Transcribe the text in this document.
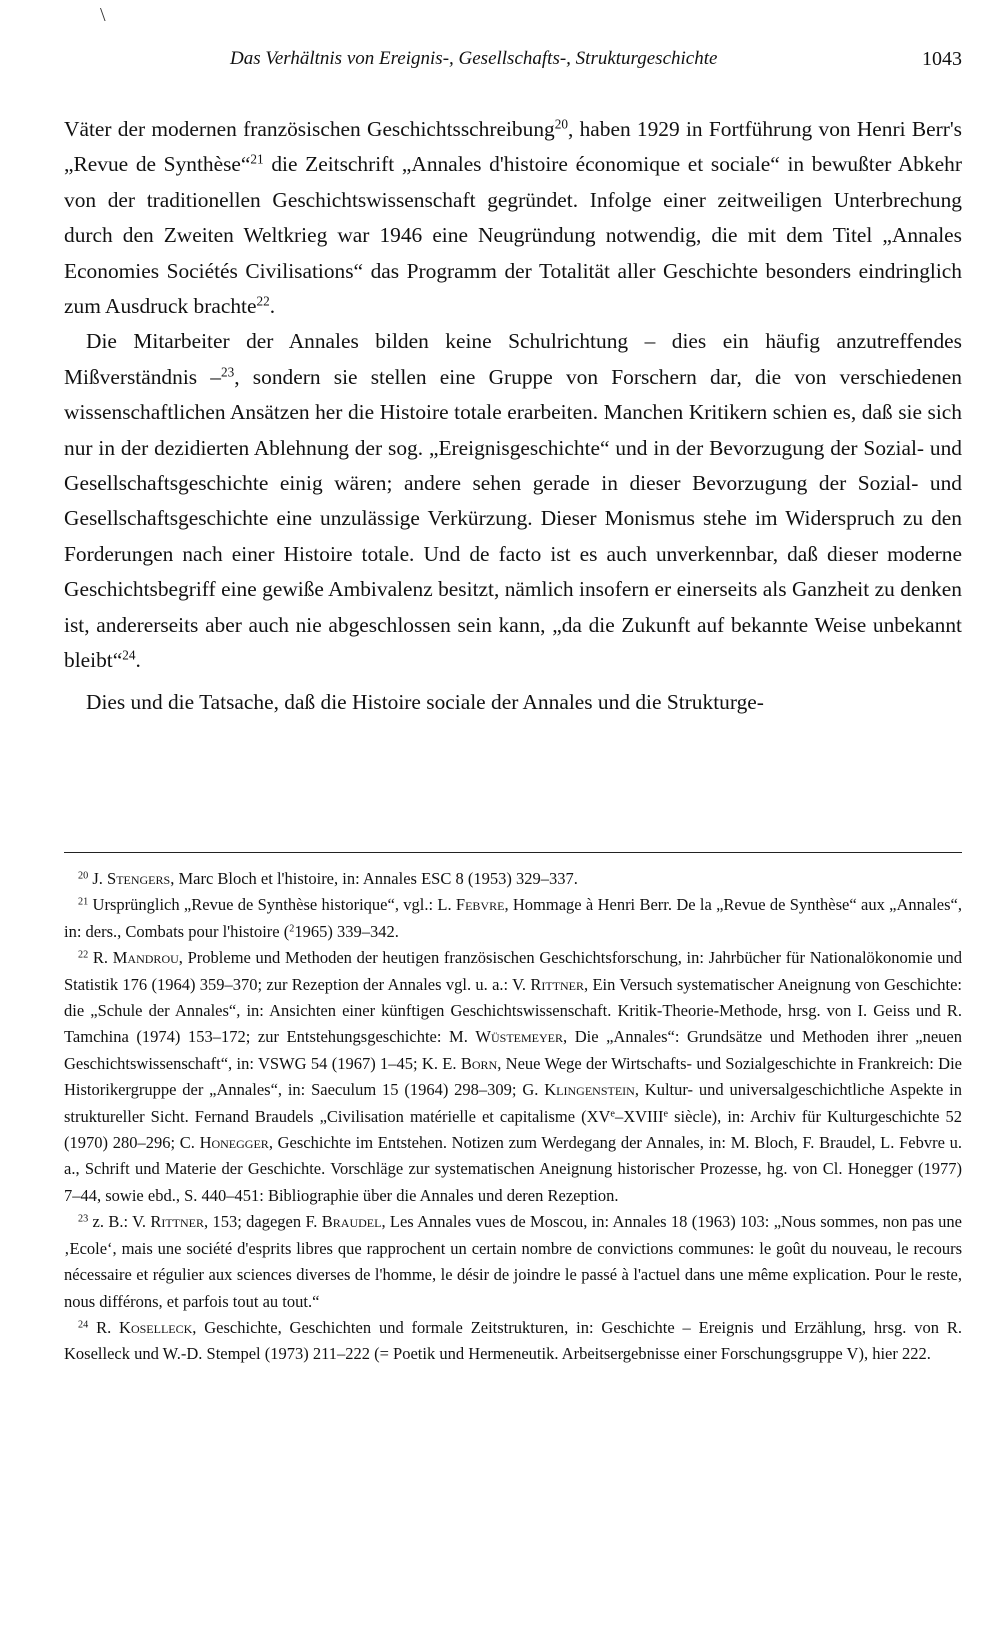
\
Das Verhältnis von Ereignis-, Gesellschafts-, Strukturgeschichte	1043

Väter der modernen französischen Geschichtsschreibung$^{20}$, haben 1929 in Fortführung von Henri Berr's „Revue de Synthèse“$^{21}$ die Zeitschrift „Annales d'histoire économique et sociale“ in bewußter Abkehr von der traditionellen Geschichtswissenschaft gegründet. Infolge einer zeitweiligen Unterbrechung durch den Zweiten Weltkrieg war 1946 eine Neugründung notwendig, die mit dem Titel „Annales Economies Sociétés Civilisations“ das Programm der Totalität aller Geschichte besonders eindringlich zum Ausdruck brachte$^{22}$.

Die Mitarbeiter der Annales bilden keine Schulrichtung – dies ein häufig anzutreffendes Mißverständnis –$^{23}$, sondern sie stellen eine Gruppe von Forschern dar, die von verschiedenen wissenschaftlichen Ansätzen her die Histoire totale erarbeiten. Manchen Kritikern schien es, daß sie sich nur in der dezidierten Ablehnung der sog. „Ereignisgeschichte“ und in der Bevorzugung der Sozial- und Gesellschaftsgeschichte einig wären; andere sehen gerade in dieser Bevorzugung der Sozial- und Gesellschaftsgeschichte eine unzulässige Verkürzung. Dieser Monismus stehe im Widerspruch zu den Forderungen nach einer Histoire totale. Und de facto ist es auch unverkennbar, daß dieser moderne Geschichtsbegriff eine gewiße Ambivalenz besitzt, nämlich insofern er einerseits als Ganzheit zu denken ist, andererseits aber auch nie abgeschlossen sein kann, „da die Zukunft auf bekannte Weise unbekannt bleibt“$^{24}$.

Dies und die Tatsache, daß die Histoire sociale der Annales und die Strukturge-

$^{20}$ J. Stengers, Marc Bloch et l'histoire, in: Annales ESC 8 (1953) 329–337.

$^{21}$ Ursprünglich „Revue de Synthèse historique“, vgl.: L. Febvre, Hommage à Henri Berr. De la „Revue de Synthèse“ aux „Annales“, in: ders., Combats pour l'histoire ($^2$1965) 339–342.

$^{22}$ R. Mandrou, Probleme und Methoden der heutigen französischen Geschichtsforschung, in: Jahrbücher für Nationalökonomie und Statistik 176 (1964) 359–370; zur Rezeption der Annales vgl. u. a.: V. Rittner, Ein Versuch systematischer Aneignung von Geschichte: die „Schule der Annales“, in: Ansichten einer künftigen Geschichtswissenschaft. Kritik-Theorie-Methode, hrsg. von I. Geiss und R. Tamchina (1974) 153–172; zur Entstehungsgeschichte: M. Wüstemeyer, Die „Annales“: Grundsätze und Methoden ihrer „neuen Geschichtswissenschaft“, in: VSWG 54 (1967) 1–45; K. E. Born, Neue Wege der Wirtschafts- und Sozialgeschichte in Frankreich: Die Historikergruppe der „Annales“, in: Saeculum 15 (1964) 298–309; G. Klingenstein, Kultur- und universalgeschichtliche Aspekte in struktureller Sicht. Fernand Braudels „Civilisation matérielle et capitalisme (XVe–XVIIIe siècle), in: Archiv für Kulturgeschichte 52 (1970) 280–296; C. Honegger, Geschichte im Entstehen. Notizen zum Werdegang der Annales, in: M. Bloch, F. Braudel, L. Febvre u. a., Schrift und Materie der Geschichte. Vorschläge zur systematischen Aneignung historischer Prozesse, hg. von Cl. Honegger (1977) 7–44, sowie ebd., S. 440–451: Bibliographie über die Annales und deren Rezeption.

$^{23}$ z. B.: V. Rittner, 153; dagegen F. Braudel, Les Annales vues de Moscou, in: Annales 18 (1963) 103: „Nous sommes, non pas une ‚Ecole‘, mais une société d'esprits libres que rapprochent un certain nombre de convictions communes: le goût du nouveau, le recours nécessaire et régulier aux sciences diverses de l'homme, le désir de joindre le passé à l'actuel dans une même explication. Pour le reste, nous différons, et parfois tout au tout.“

$^{24}$ R. Koselleck, Geschichte, Geschichten und formale Zeitstrukturen, in: Geschichte – Ereignis und Erzählung, hrsg. von R. Koselleck und W.-D. Stempel (1973) 211–222 (= Poetik und Hermeneutik. Arbeitsergebnisse einer Forschungsgruppe V), hier 222.
